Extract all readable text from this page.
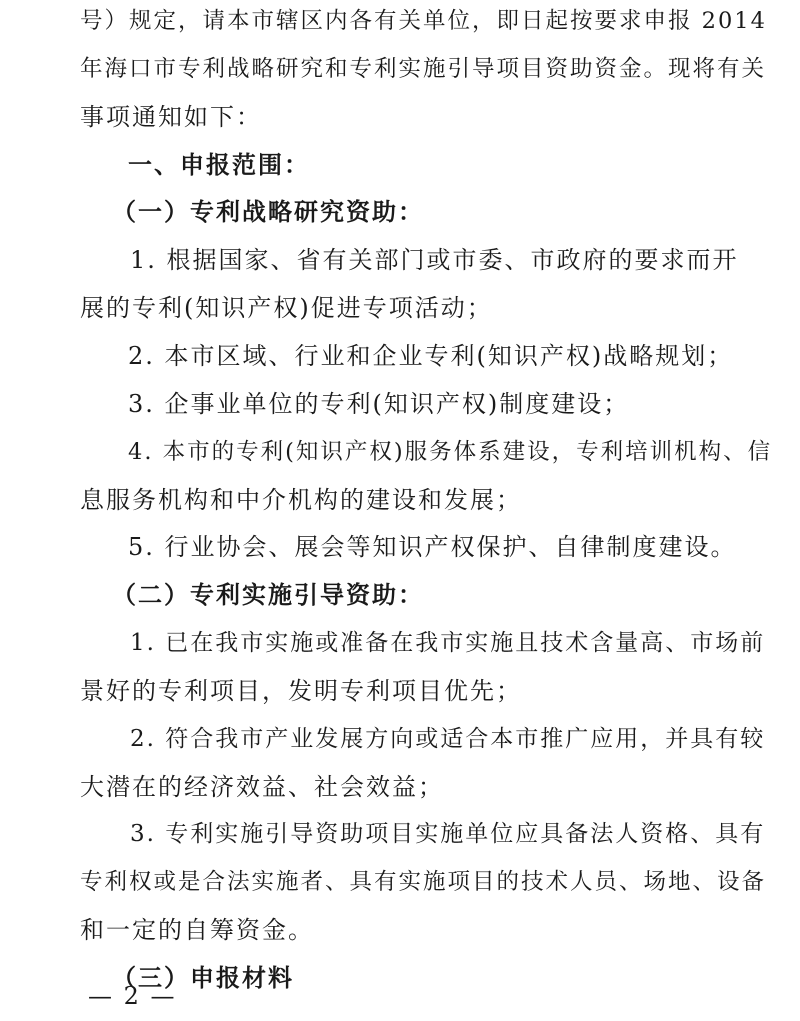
号）规定，请本市辖区内各有关单位，即日起按要求申报 2014
年海口市专利战略研究和专利实施引导项目资助资金。现将有关
事项通知如下：
一、申报范围：
（一）专利战略研究资助：
1. 根据国家、省有关部门或市委、市政府的要求而开
展的专利(知识产权)促进专项活动；
2. 本市区域、行业和企业专利(知识产权)战略规划；
3. 企事业单位的专利(知识产权)制度建设；
4. 本市的专利(知识产权)服务体系建设，专利培训机构、信
息服务机构和中介机构的建设和发展；
5. 行业协会、展会等知识产权保护、自律制度建设。
（二）专利实施引导资助：
1. 已在我市实施或准备在我市实施且技术含量高、市场前
景好的专利项目，发明专利项目优先；
2. 符合我市产业发展方向或适合本市推广应用，并具有较
大潜在的经济效益、社会效益；
3. 专利实施引导资助项目实施单位应具备法人资格、具有
专利权或是合法实施者、具有实施项目的技术人员、场地、设备
和一定的自筹资金。
（三）申报材料
— 2 —
